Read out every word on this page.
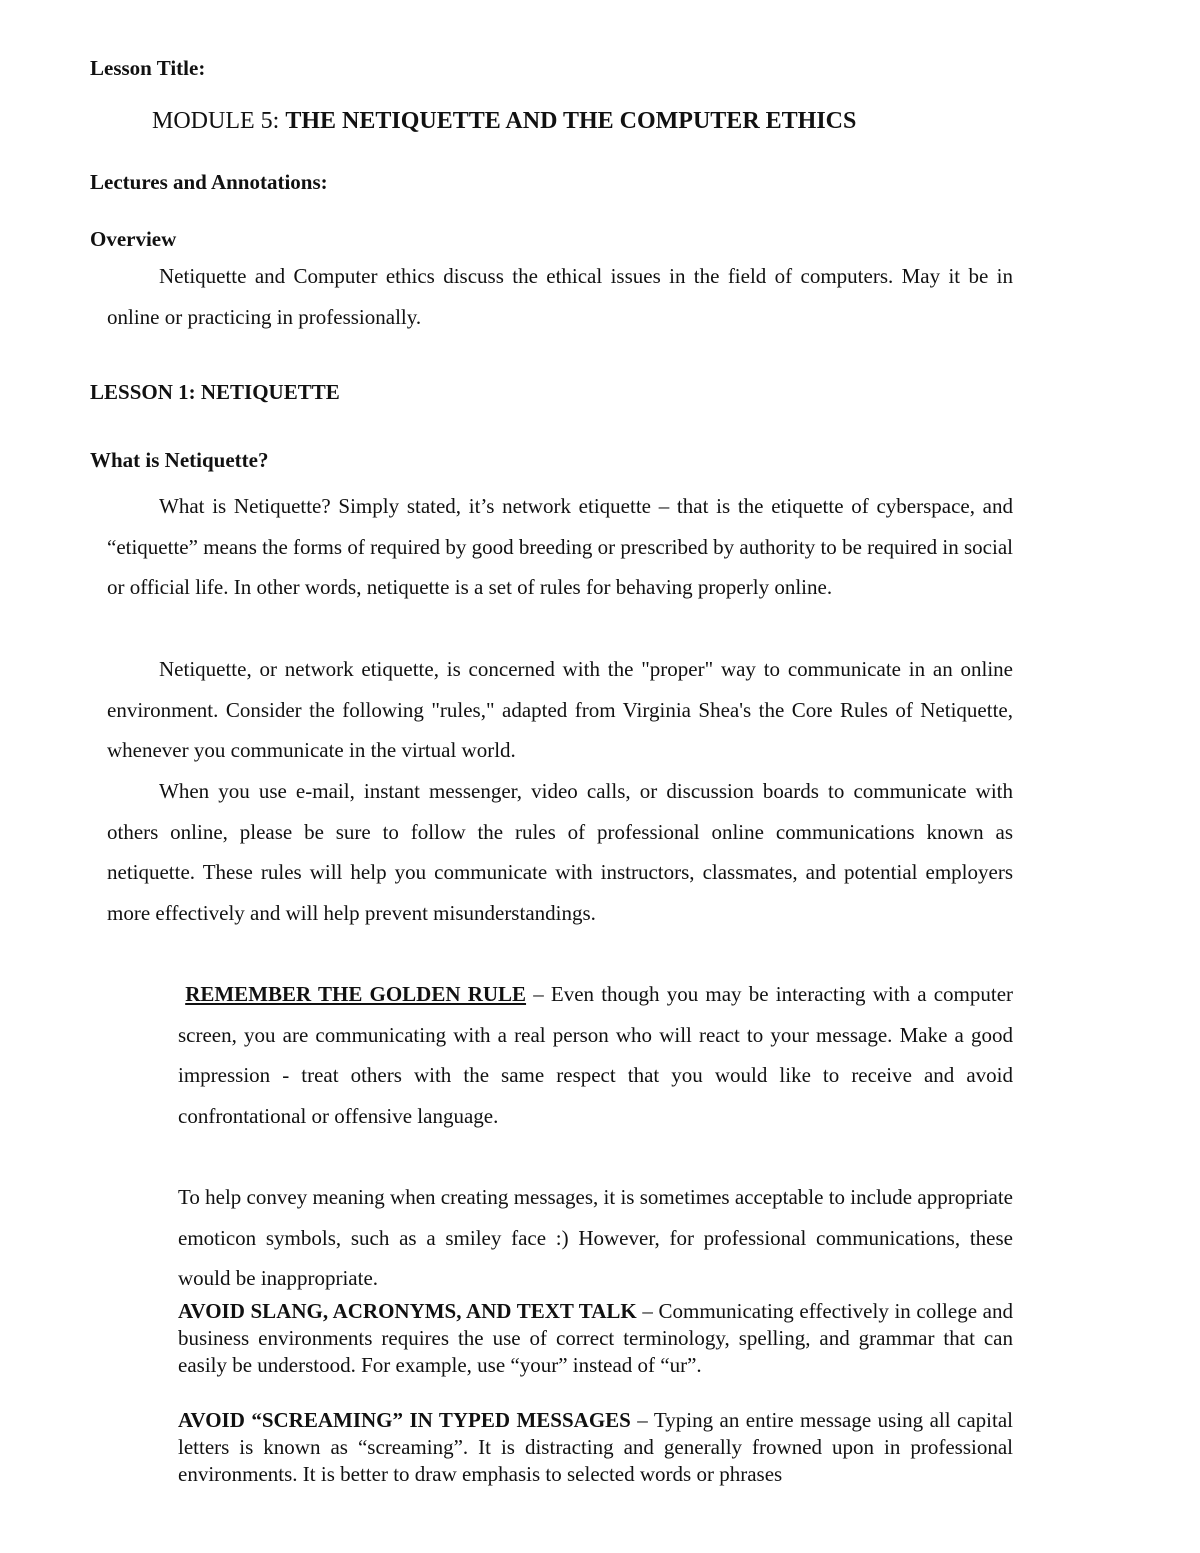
Lesson Title:

MODULE 5: THE NETIQUETTE AND THE COMPUTER ETHICS

Lectures and Annotations:

Overview

Netiquette and Computer ethics discuss the ethical issues in the field of computers. May it be in online or practicing in professionally.

LESSON 1: NETIQUETTE

What is Netiquette?

What is Netiquette? Simply stated, it’s network etiquette – that is the etiquette of cyberspace, and “etiquette” means the forms of required by good breeding or prescribed by authority to be required in social or official life. In other words, netiquette is a set of rules for behaving properly online.

Netiquette, or network etiquette, is concerned with the "proper" way to communicate in an online environment. Consider the following "rules," adapted from Virginia Shea's the Core Rules of Netiquette, whenever you communicate in the virtual world.

When you use e-mail, instant messenger, video calls, or discussion boards to communicate with others online, please be sure to follow the rules of professional online communications known as netiquette. These rules will help you communicate with instructors, classmates, and potential employers more effectively and will help prevent misunderstandings.

REMEMBER THE GOLDEN RULE – Even though you may be interacting with a computer screen, you are communicating with a real person who will react to your message. Make a good impression - treat others with the same respect that you would like to receive and avoid confrontational or offensive language.

To help convey meaning when creating messages, it is sometimes acceptable to include appropriate emoticon symbols, such as a smiley face :) However, for professional communications, these would be inappropriate.

AVOID SLANG, ACRONYMS, AND TEXT TALK – Communicating effectively in college and business environments requires the use of correct terminology, spelling, and grammar that can easily be understood. For example, use “your” instead of “ur”.

AVOID “SCREAMING” IN TYPED MESSAGES – Typing an entire message using all capital letters is known as “screaming”. It is distracting and generally frowned upon in professional environments. It is better to draw emphasis to selected words or phrases
